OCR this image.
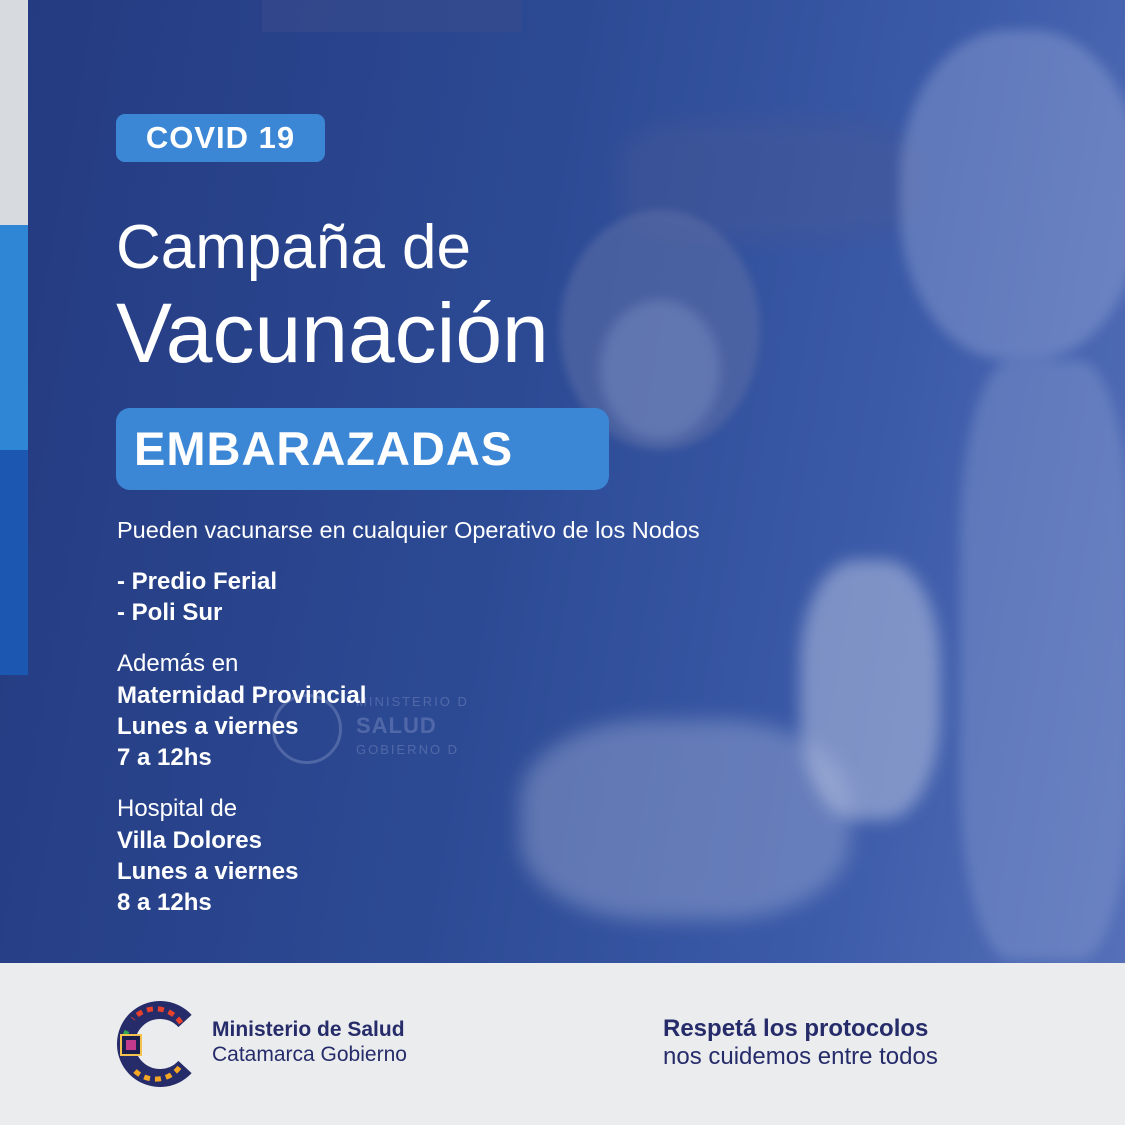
MINISTERIO D
SALUD
GOBIERNO D
COVID 19
Campaña de
Vacunación
EMBARAZADAS
Pueden vacunarse en cualquier Operativo de los Nodos
- Predio Ferial
- Poli Sur
Además en
Maternidad Provincial
Lunes a viernes
7 a 12hs
Hospital de
Villa Dolores
Lunes a viernes
8 a 12hs
Ministerio de Salud
Catamarca Gobierno
Respetá los protocolos
nos cuidemos entre todos
